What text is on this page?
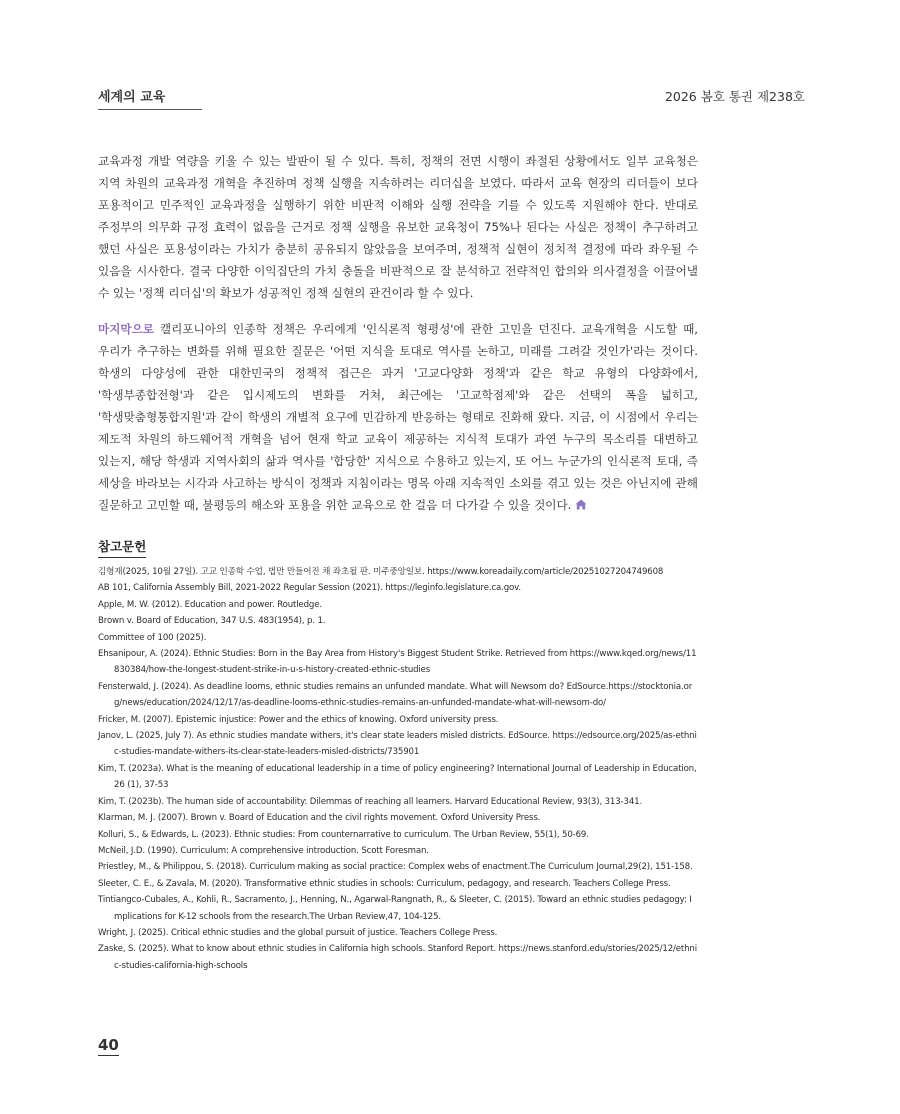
세계의 교육	2026 봄호 통권 제238호

교육과정 개발 역량을 키울 수 있는 발판이 될 수 있다. 특히, 정책의 전면 시행이 좌절된 상황에서도 일부 교육청은 지역 차원의 교육과정 개혁을 추진하며 정책 실행을 지속하려는 리더십을 보였다. 따라서 교육 현장의 리더들이 보다 포용적이고 민주적인 교육과정을 실행하기 위한 비판적 이해와 실행 전략을 기를 수 있도록 지원해야 한다. 반대로 주정부의 의무화 규정 효력이 없음을 근거로 정책 실행을 유보한 교육청이 75%나 된다는 사실은 정책이 추구하려고 했던 사실은 포용성이라는 가치가 충분히 공유되지 않았음을 보여주며, 정책적 실현이 정치적 결정에 따라 좌우될 수 있음을 시사한다. 결국 다양한 이익집단의 가치 충돌을 비판적으로 잘 분석하고 전략적인 합의와 의사결정을 이끌어낼 수 있는 '정책 리더십'의 확보가 성공적인 정책 실현의 관건이라 할 수 있다.

마지막으로 캘리포니아의 인종학 정책은 우리에게 '인식론적 형평성'에 관한 고민을 던진다. 교육개혁을 시도할 때, 우리가 추구하는 변화를 위해 필요한 질문은 '어떤 지식을 토대로 역사를 논하고, 미래를 그려갈 것인가'라는 것이다. 학생의 다양성에 관한 대한민국의 정책적 접근은 과거 '고교다양화 정책'과 같은 학교 유형의 다양화에서, '학생부종합전형'과 같은 입시제도의 변화를 거쳐, 최근에는 '고교학점제'와 같은 선택의 폭을 넓히고, '학생맞춤형통합지원'과 같이 학생의 개별적 요구에 민감하게 반응하는 형태로 진화해 왔다. 지금, 이 시점에서 우리는 제도적 차원의 하드웨어적 개혁을 넘어 현재 학교 교육이 제공하는 지식적 토대가 과연 누구의 목소리를 대변하고 있는지, 해당 학생과 지역사회의 삶과 역사를 '합당한' 지식으로 수용하고 있는지, 또 어느 누군가의 인식론적 토대, 즉 세상을 바라보는 시각과 사고하는 방식이 정책과 지침이라는 명목 아래 지속적인 소외를 겪고 있는 것은 아닌지에 관해 질문하고 고민할 때, 불평등의 해소와 포용을 위한 교육으로 한 걸음 더 다가갈 수 있을 것이다.

참고문헌
김형재(2025, 10월 27일). 고교 인종학 수업, 법만 만들어진 채 좌초될 판. 미주중앙일보. https://www.koreadaily.com/article/20251027204749608
AB 101, California Assembly Bill, 2021-2022 Regular Session (2021). https://leginfo.legislature.ca.gov.
Apple, M. W. (2012). Education and power. Routledge.
Brown v. Board of Education, 347 U.S. 483(1954), p. 1.
Committee of 100 (2025).
Ehsanipour, A. (2024). Ethnic Studies: Born in the Bay Area from History's Biggest Student Strike. Retrieved from https://www.kqed.org/news/11830384/how-the-longest-student-strike-in-u-s-history-created-ethnic-studies
Fensterwald, J. (2024). As deadline looms, ethnic studies remains an unfunded mandate. What will Newsom do? EdSource.https://stocktonia.org/news/education/2024/12/17/as-deadline-looms-ethnic-studies-remains-an-unfunded-mandate-what-will-newsom-do/
Fricker, M. (2007). Epistemic injustice: Power and the ethics of knowing. Oxford university press.
Janov, L. (2025, July 7). As ethnic studies mandate withers, it's clear state leaders misled districts. EdSource. https://edsource.org/2025/as-ethnic-studies-mandate-withers-its-clear-state-leaders-misled-districts/735901
Kim, T. (2023a). What is the meaning of educational leadership in a time of policy engineering? International Journal of Leadership in Education, 26 (1), 37-53
Kim, T. (2023b). The human side of accountability: Dilemmas of reaching all learners. Harvard Educational Review, 93(3), 313-341.
Klarman, M. J. (2007). Brown v. Board of Education and the civil rights movement. Oxford University Press.
Kolluri, S., & Edwards, L. (2023). Ethnic studies: From counternarrative to curriculum. The Urban Review, 55(1), 50-69.
McNeil, J.D. (1990). Curriculum: A comprehensive introduction. Scott Foresman.
Priestley, M., & Philippou, S. (2018). Curriculum making as social practice: Complex webs of enactment.The Curriculum Journal,29(2), 151-158.
Sleeter, C. E., & Zavala, M. (2020). Transformative ethnic studies in schools: Curriculum, pedagogy, and research. Teachers College Press.
Tintiangco-Cubales, A., Kohli, R., Sacramento, J., Henning, N., Agarwal-Rangnath, R., & Sleeter, C. (2015). Toward an ethnic studies pedagogy: Implications for K-12 schools from the research.The Urban Review,47, 104-125.
Wright, J. (2025). Critical ethnic studies and the global pursuit of justice. Teachers College Press.
Zaske, S. (2025). What to know about ethnic studies in California high schools. Stanford Report. https://news.stanford.edu/stories/2025/12/ethnic-studies-california-high-schools
40
